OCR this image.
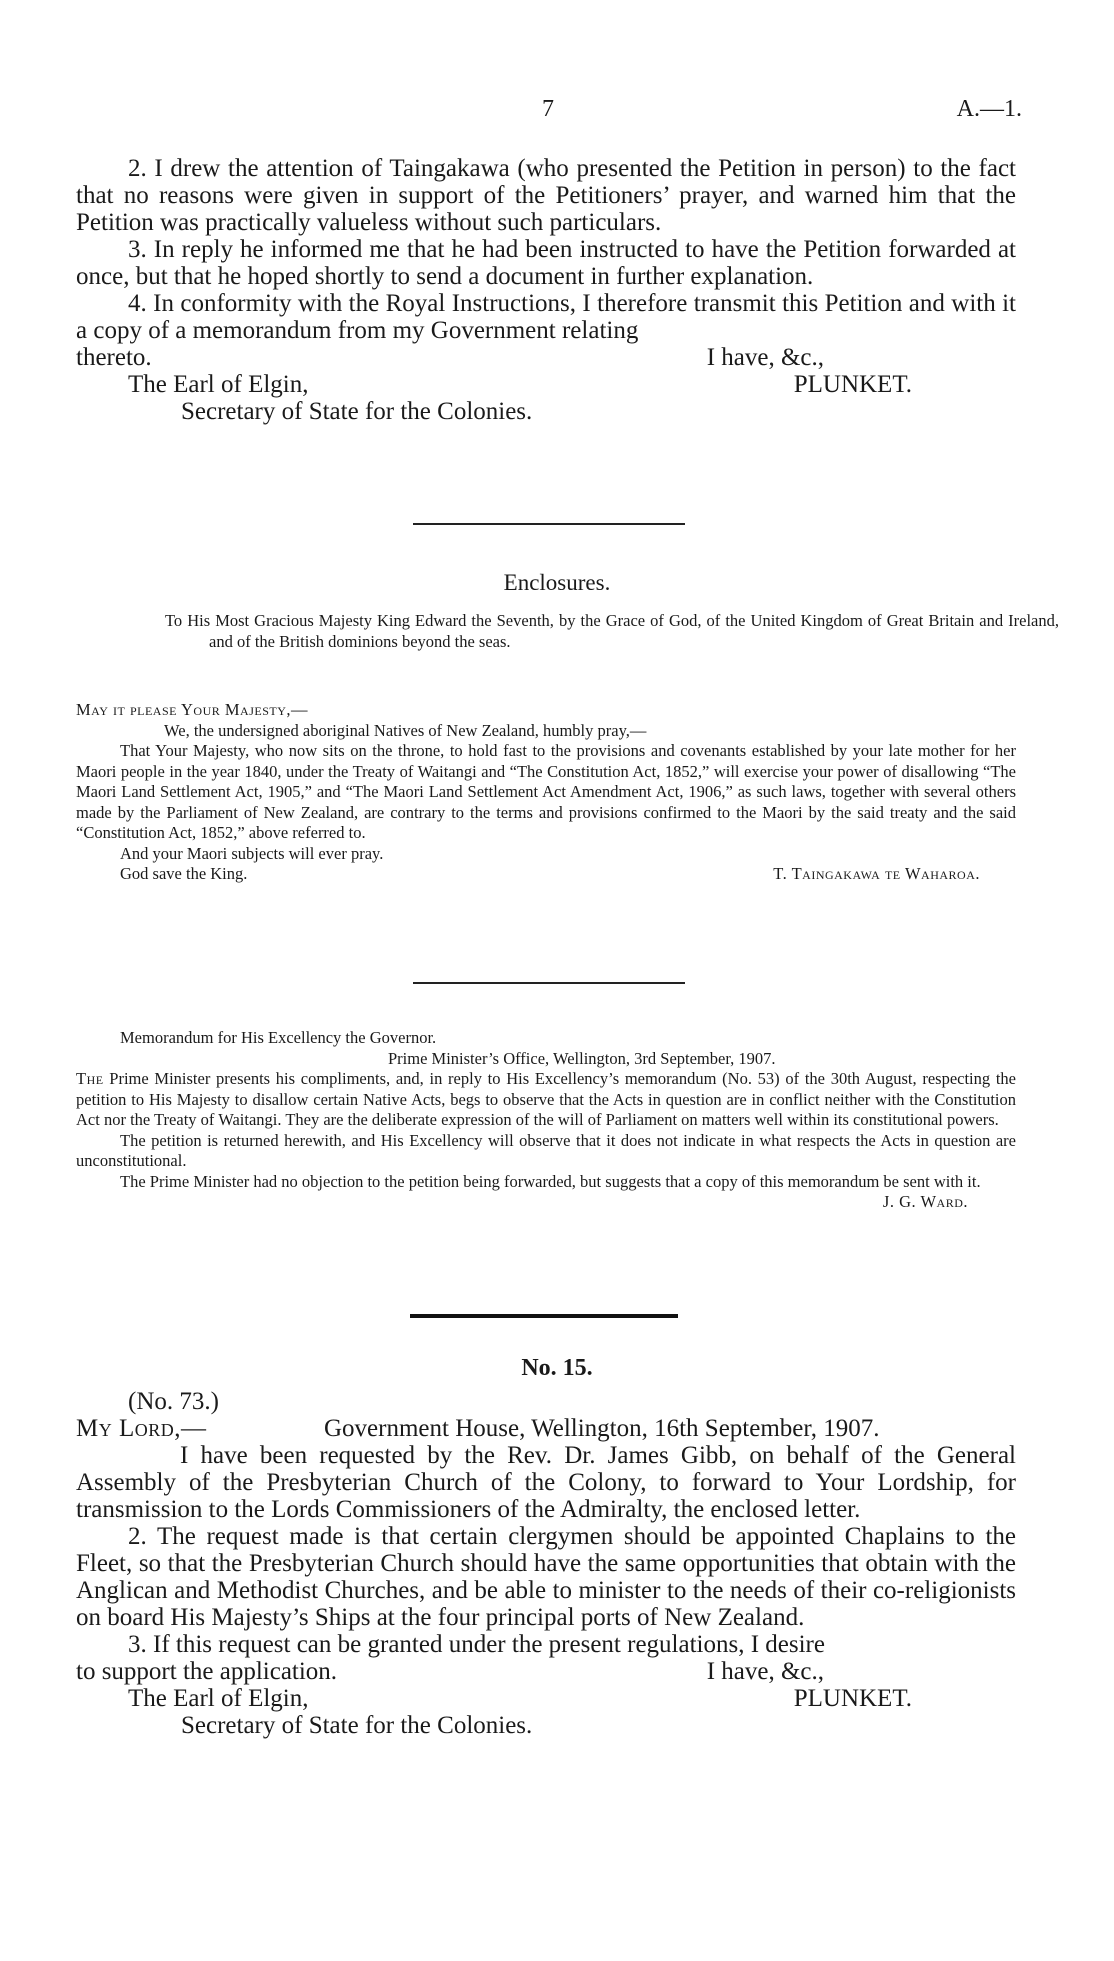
7	A.—1.

2. I drew the attention of Taingakawa (who presented the Petition in person) to the fact that no reasons were given in support of the Petitioners’ prayer, and warned him that the Petition was practically valueless without such particulars.

3. In reply he informed me that he had been instructed to have the Petition forwarded at once, but that he hoped shortly to send a document in further explanation.

4. In conformity with the Royal Instructions, I therefore transmit this Petition and with it a copy of a memorandum from my Government relating

thereto.	I have, &c.,
The Earl of Elgin,	PLUNKET.
Secretary of State for the Colonies.
Enclosures.
To His Most Gracious Majesty King Edward the Seventh, by the Grace of God, of the United Kingdom of Great Britain and Ireland, and of the British dominions beyond the seas.

May it please Your Majesty,—

We, the undersigned aboriginal Natives of New Zealand, humbly pray,—

That Your Majesty, who now sits on the throne, to hold fast to the provisions and covenants established by your late mother for her Maori people in the year 1840, under the Treaty of Waitangi and “The Constitution Act, 1852,” will exercise your power of disallowing “The Maori Land Settlement Act, 1905,” and “The Maori Land Settlement Act Amendment Act, 1906,” as such laws, together with several others made by the Parliament of New Zealand, are contrary to the terms and provisions confirmed to the Maori by the said treaty and the said “Constitution Act, 1852,” above referred to.

And your Maori subjects will ever pray.

God save the King.	T. Taingakawa te Waharoa.

Memorandum for His Excellency the Governor.

Prime Minister’s Office, Wellington, 3rd September, 1907.

The Prime Minister presents his compliments, and, in reply to His Excellency’s memorandum (No. 53) of the 30th August, respecting the petition to His Majesty to disallow certain Native Acts, begs to observe that the Acts in question are in conflict neither with the Constitution Act nor the Treaty of Waitangi. They are the deliberate expression of the will of Parliament on matters well within its constitutional powers.

The petition is returned herewith, and His Excellency will observe that it does not indicate in what respects the Acts in question are unconstitutional.

The Prime Minister had no objection to the petition being forwarded, but suggests that a copy of this memorandum be sent with it.

J. G. Ward.
No. 15.

(No. 73.)

My Lord,—	Government House, Wellington, 16th September, 1907.

I have been requested by the Rev. Dr. James Gibb, on behalf of the General Assembly of the Presbyterian Church of the Colony, to forward to Your Lordship, for transmission to the Lords Commissioners of the Admiralty, the enclosed letter.

2. The request made is that certain clergymen should be appointed Chaplains to the Fleet, so that the Presbyterian Church should have the same opportunities that obtain with the Anglican and Methodist Churches, and be able to minister to the needs of their co-religionists on board His Majesty’s Ships at the four principal ports of New Zealand.

3. If this request can be granted under the present regulations, I desire

to support the application.	I have, &c.,
The Earl of Elgin,	PLUNKET.
Secretary of State for the Colonies.
